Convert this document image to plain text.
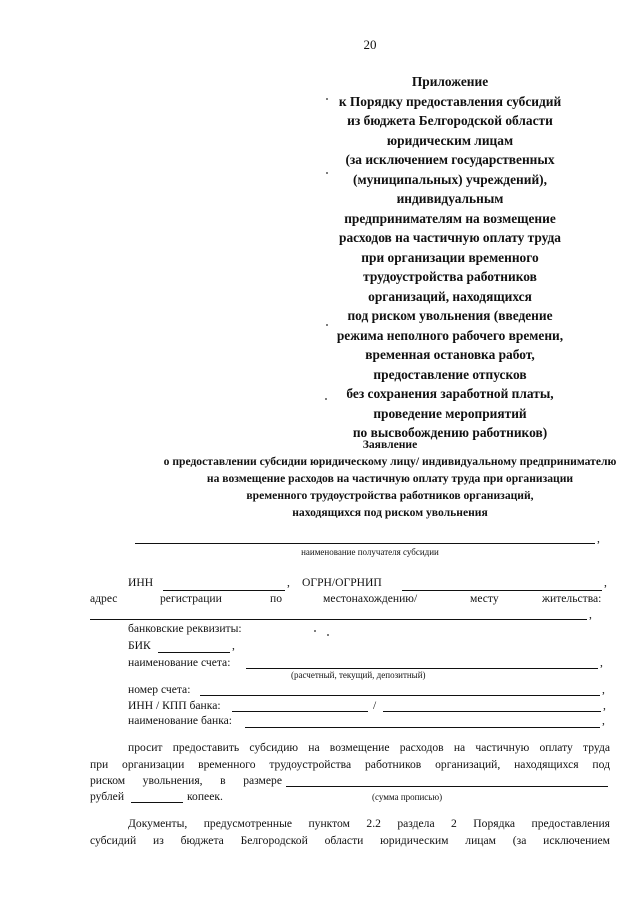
20
Приложение
к Порядку предоставления субсидий
из бюджета Белгородской области
юридическим лицам
(за исключением государственных
(муниципальных) учреждений),
индивидуальным
предпринимателям на возмещение
расходов на частичную оплату труда
при организации временного
трудоустройства работников
организаций, находящихся
под риском увольнения (введение
режима неполного рабочего времени,
временная остановка работ,
предоставление отпусков
без сохранения заработной платы,
проведение мероприятий
по высвобождению работников)
Заявление
о предоставлении субсидии юридическому лицу/ индивидуальному предпринимателю
на возмещение расходов на частичную оплату труда при организации
временного трудоустройства работников организаций,
находящихся под риском увольнения
,
наименование получателя субсидии
ИНН	, ОГРН/ОГРНИП	,
адрес	регистрации	по	местонахождению/	месту	жительства:
,
банковские реквизиты:
БИК	,
наименование счета:	,
(расчетный, текущий, депозитный)
номер счета:	,
ИНН / КПП банка:	/	,
наименование банка:	,
просит предоставить субсидию на возмещение расходов на частичную оплату труда
при организации временного трудоустройства работников организаций, находящихся под
риском увольнения, в размере
рублей	копеек.	(сумма прописью)
Документы, предусмотренные пунктом 2.2 раздела 2 Порядка предоставления
субсидий из бюджета Белгородской области юридическим лицам (за исключением
